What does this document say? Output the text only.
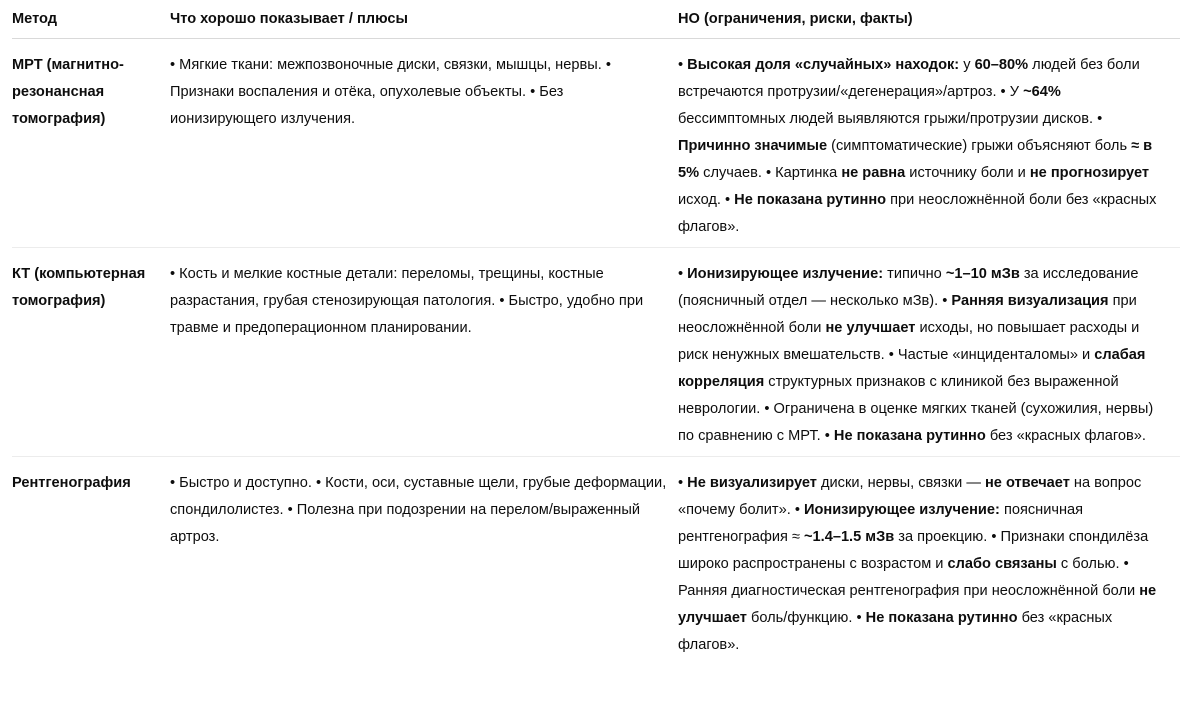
Метод	Что хорошо показывает / плюсы	НО (ограничения, риски, факты)
МРТ (магнитно-резонансная томография)	• Мягкие ткани: межпозвоночные диски, связки, мышцы, нервы. • Признаки воспаления и отёка, опухолевые объекты. • Без ионизирующего излучения.	• Высокая доля «случайных» находок: у 60–80% людей без боли встречаются протрузии/«дегенерация»/артроз. • У ~64% бессимптомных людей выявляются грыжи/протрузии дисков. • Причинно значимые (симптоматические) грыжи объясняют боль ≈ в 5% случаев. • Картинка не равна источнику боли и не прогнозирует исход. • Не показана рутинно при неосложнённой боли без «красных флагов».
КТ (компьютерная томография)	• Кость и мелкие костные детали: переломы, трещины, костные разрастания, грубая стенозирующая патология. • Быстро, удобно при травме и предоперационном планировании.	• Ионизирующее излучение: типично ~1–10 мЗв за исследование (поясничный отдел — несколько мЗв). • Ранняя визуализация при неосложнённой боли не улучшает исходы, но повышает расходы и риск ненужных вмешательств. • Частые «инциденталомы» и слабая корреляция структурных признаков с клиникой без выраженной неврологии. • Ограничена в оценке мягких тканей (сухожилия, нервы) по сравнению с МРТ. • Не показана рутинно без «красных флагов».
Рентгенография	• Быстро и доступно. • Кости, оси, суставные щели, грубые деформации, спондилолистез. • Полезна при подозрении на перелом/выраженный артроз.	• Не визуализирует диски, нервы, связки — не отвечает на вопрос «почему болит». • Ионизирующее излучение: поясничная рентгенография ≈ ~1.4–1.5 мЗв за проекцию. • Признаки спондилёза широко распространены с возрастом и слабо связаны с болью. • Ранняя диагностическая рентгенография при неосложнённой боли не улучшает боль/функцию. • Не показана рутинно без «красных флагов».
